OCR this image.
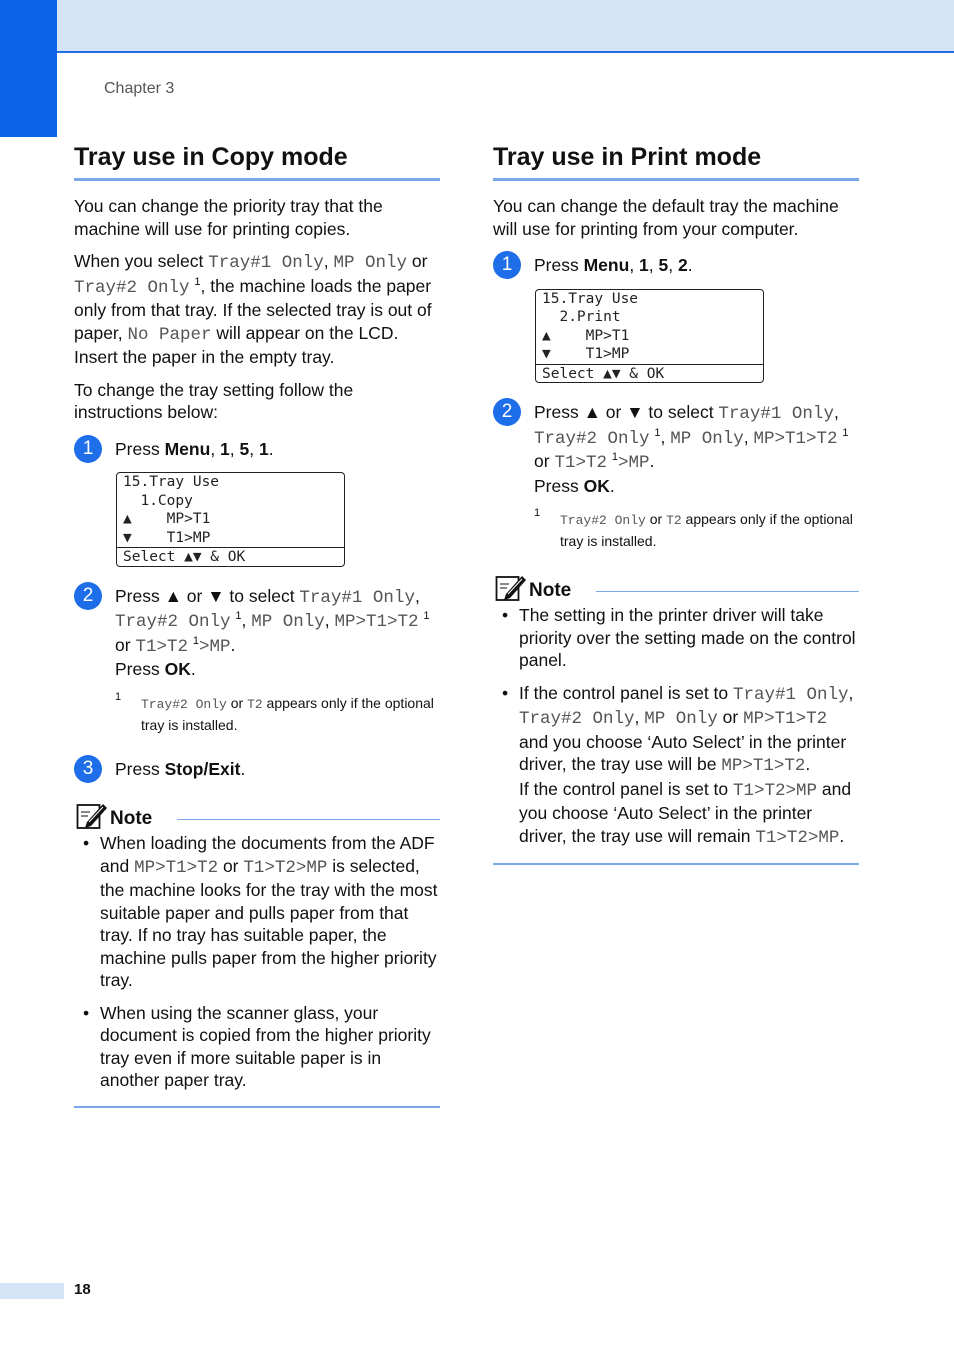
Chapter 3
Tray use in Copy mode

You can change the priority tray that the machine will use for printing copies.

When you select Tray#1 Only, MP Only or Tray#2 Only $^1$, the machine loads the paper only from that tray. If the selected tray is out of paper, No Paper will appear on the LCD. Insert the paper in the empty tray.

To change the tray setting follow the instructions below:

1	Press Menu, 1, 5, 1.

15.Tray Use
1.Copy
▲    MP>T1
▼    T1>MP
Select ▲▼ & OK
2	Press ▲ or ▼ to select Tray#1 Only, Tray#2 Only $^1$, MP Only, MP>T1>T2 $^1$ or T1>T2 $^1$>MP.
Press OK.

1 Tray#2 Only or T2 appears only if the optional tray is installed.
3	Press Stop/Exit.

Note
• When loading the documents from the ADF and MP>T1>T2 or T1>T2>MP is selected, the machine looks for the tray with the most suitable paper and pulls paper from that tray. If no tray has suitable paper, the machine pulls paper from the higher priority tray.
• When using the scanner glass, your document is copied from the higher priority tray even if more suitable paper is in another paper tray.
Tray use in Print mode

You can change the default tray the machine will use for printing from your computer.

1	Press Menu, 1, 5, 2.

15.Tray Use
2.Print
▲    MP>T1
▼    T1>MP
Select ▲▼ & OK
2	Press ▲ or ▼ to select Tray#1 Only, Tray#2 Only $^1$, MP Only, MP>T1>T2 $^1$ or T1>T2 $^1$>MP.
Press OK.

1 Tray#2 Only or T2 appears only if the optional tray is installed.
Note
• The setting in the printer driver will take priority over the setting made on the control panel.
• If the control panel is set to Tray#1 Only, Tray#2 Only, MP Only or MP>T1>T2 and you choose ‘Auto Select’ in the printer driver, the tray use will be MP>T1>T2.
If the control panel is set to T1>T2>MP and you choose ‘Auto Select’ in the printer driver, the tray use will remain T1>T2>MP.
18
